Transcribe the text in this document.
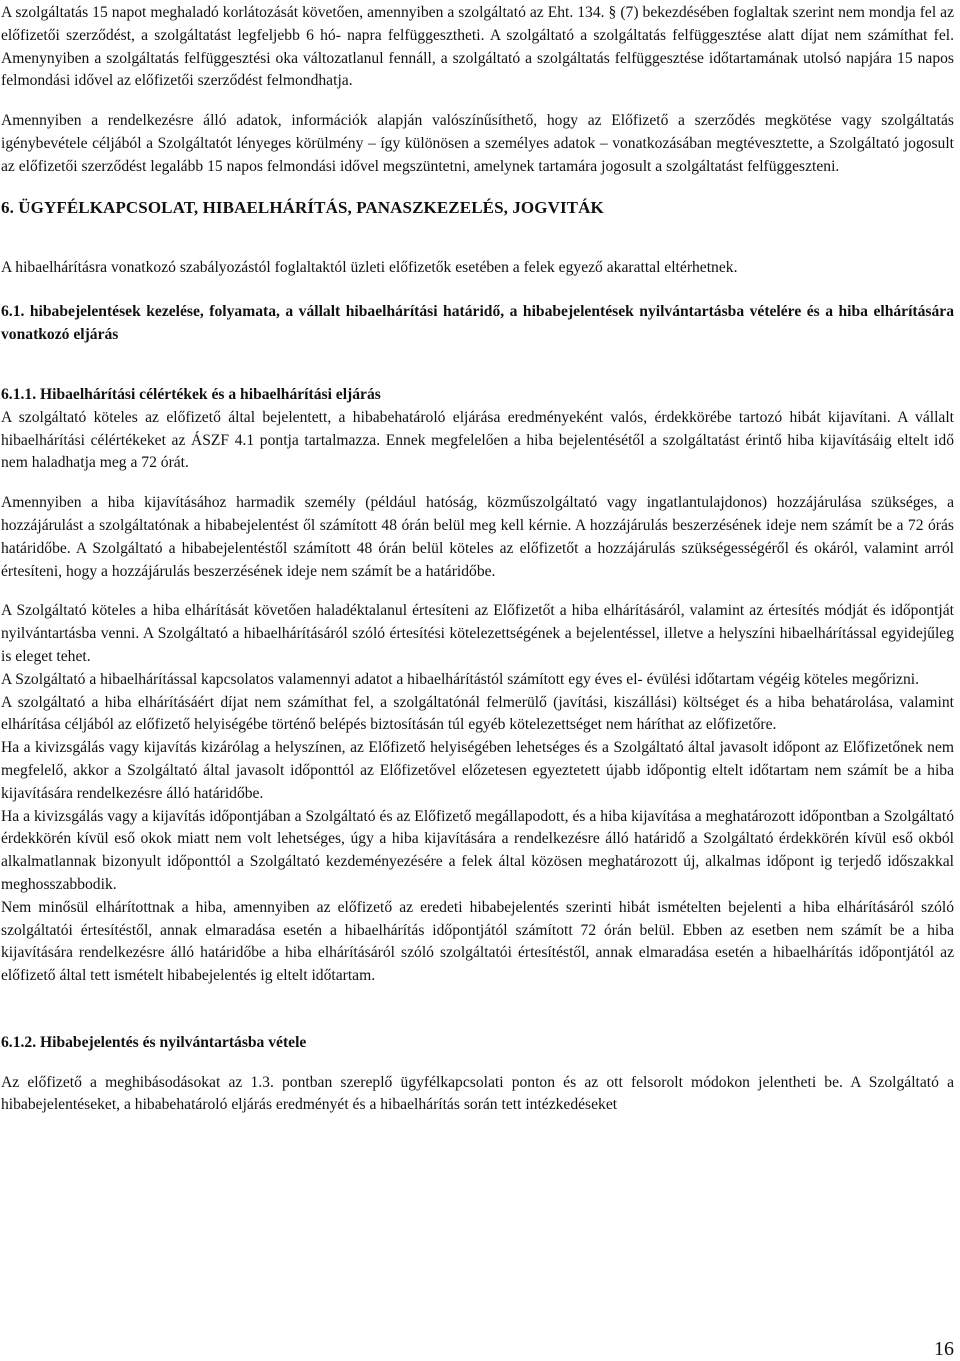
A szolgáltatás 15 napot meghaladó korlátozását követően, amennyiben a szolgáltató az Eht. 134. § (7) bekezdésében foglaltak szerint nem mondja fel az előfizetői szerződést, a szolgáltatást legfeljebb 6 hó- napra felfüggesztheti. A szolgáltató a szolgáltatás felfüggesztése alatt díjat nem számíthat fel. Amenynyiben a szolgáltatás felfüggesztési oka változatlanul fennáll, a szolgáltató a szolgáltatás felfüggesztése időtartamának utolsó napjára 15 napos felmondási idővel az előfizetői szerződést felmondhatja.

Amennyiben a rendelkezésre álló adatok, információk alapján valószínűsíthető, hogy az Előfizető a szerződés megkötése vagy szolgáltatás igénybevétele céljából a Szolgáltatót lényeges körülmény – így különösen a személyes adatok – vonatkozásában megtévesztette, a Szolgáltató jogosult az előfizetői szerződést legalább 15 napos felmondási idővel megszüntetni, amelynek tartamára jogosult a szolgáltatást felfüggeszteni.

6. ÜGYFÉLKAPCSOLAT, HIBAELHÁRÍTÁS, PANASZKEZELÉS, JOGVITÁK

A hibaelhárításra vonatkozó szabályozástól foglaltaktól üzleti előfizetők esetében a felek egyező akarattal eltérhetnek.

6.1. hibabejelentések kezelése, folyamata, a vállalt hibaelhárítási határidő, a hibabejelentések nyilvántartásba vételére és a hiba elhárítására vonatkozó eljárás
6.1.1. Hibaelhárítási célértékek és a hibaelhárítási eljárás

A szolgáltató köteles az előfizető által bejelentett, a hibabehatároló eljárása eredményeként valós, érdekkörébe tartozó hibát kijavítani. A vállalt hibaelhárítási célértékeket az ÁSZF 4.1 pontja tartalmazza. Ennek megfelelően a hiba bejelentésétől a szolgáltatást érintő hiba kijavításáig eltelt idő nem haladhatja meg a 72 órát.

Amennyiben a hiba kijavításához harmadik személy (például hatóság, közműszolgáltató vagy ingatlantulajdonos) hozzájárulása szükséges, a hozzájárulást a szolgáltatónak a hibabejelentést ől számított 48 órán belül meg kell kérnie. A hozzájárulás beszerzésének ideje nem számít be a 72 órás határidőbe. A Szolgáltató a hibabejelentéstől számított 48 órán belül köteles az előfizetőt a hozzájárulás szükségességéről és okáról, valamint arról értesíteni, hogy a hozzájárulás beszerzésének ideje nem számít be a határidőbe.

A Szolgáltató köteles a hiba elhárítását követően haladéktalanul értesíteni az Előfizetőt a hiba elhárításáról, valamint az értesítés módját és időpontját nyilvántartásba venni. A Szolgáltató a hibaelhárításáról szóló értesítési kötelezettségének a bejelentéssel, illetve a helyszíni hibaelhárítással egyidejűleg is eleget tehet.

A Szolgáltató a hibaelhárítással kapcsolatos valamennyi adatot a hibaelhárítástól számított egy éves el- évülési időtartam végéig köteles megőrizni.

A szolgáltató a hiba elhárításáért díjat nem számíthat fel, a szolgáltatónál felmerülő (javítási, kiszállási) költséget és a hiba behatárolása, valamint elhárítása céljából az előfizető helyiségébe történő belépés biztosításán túl egyéb kötelezettséget nem háríthat az előfizetőre.

Ha a kivizsgálás vagy kijavítás kizárólag a helyszínen, az Előfizető helyiségében lehetséges és a Szolgáltató által javasolt időpont az Előfizetőnek nem megfelelő, akkor a Szolgáltató által javasolt időponttól az Előfizetővel előzetesen egyeztetett újabb időpontig eltelt időtartam nem számít be a hiba kijavítására rendelkezésre álló határidőbe.

Ha a kivizsgálás vagy a kijavítás időpontjában a Szolgáltató és az Előfizető megállapodott, és a hiba kijavítása a meghatározott időpontban a Szolgáltató érdekkörén kívül eső okok miatt nem volt lehetséges, úgy a hiba kijavítására a rendelkezésre álló határidő a Szolgáltató érdekkörén kívül eső okból alkalmatlannak bizonyult időponttól a Szolgáltató kezdeményezésére a felek által közösen meghatározott új, alkalmas időpont ig terjedő időszakkal meghosszabbodik.

Nem minősül elhárítottnak a hiba, amennyiben az előfizető az eredeti hibabejelentés szerinti hibát ismételten bejelenti a hiba elhárításáról szóló szolgáltatói értesítéstől, annak elmaradása esetén a hibaelhárítás időpontjától számított 72 órán belül. Ebben az esetben nem számít be a hiba kijavítására rendelkezésre álló határidőbe a hiba elhárításáról szóló szolgáltatói értesítéstől, annak elmaradása esetén a hibaelhárítás időpontjától az előfizető által tett ismételt hibabejelentés ig eltelt időtartam.

6.1.2. Hibabejelentés és nyilvántartásba vétele

Az előfizető a meghibásodásokat az 1.3. pontban szereplő ügyfélkapcsolati ponton és az ott felsorolt módokon jelentheti be. A Szolgáltató a hibabejelentéseket, a hibabehatároló eljárás eredményét és a hibaelhárítás során tett intézkedéseket

16
